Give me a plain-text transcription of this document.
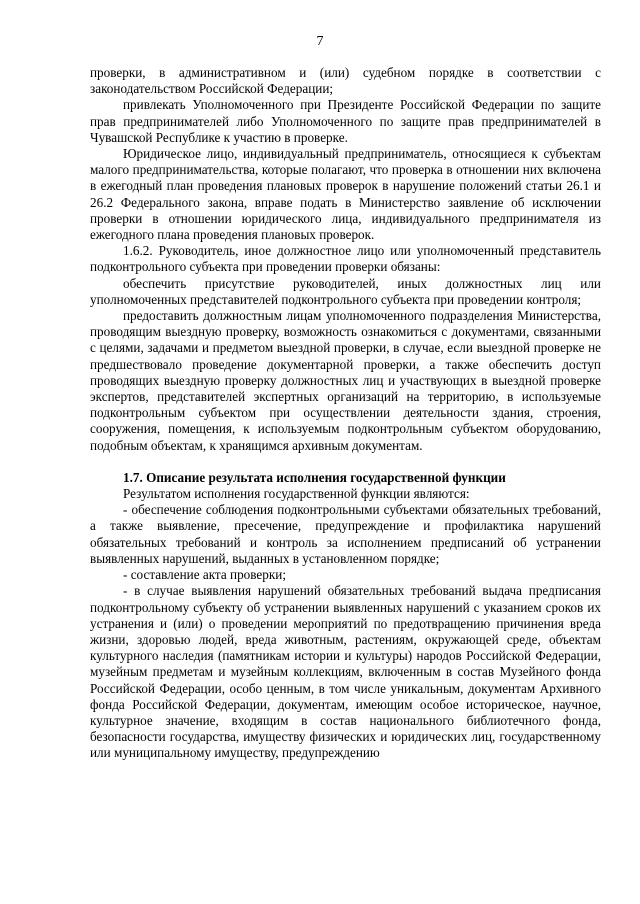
7

проверки, в административном и (или) судебном порядке в соответствии с законодательством Российской Федерации;

привлекать Уполномоченного при Президенте Российской Федерации по защите прав предпринимателей либо Уполномоченного по защите прав предпринимателей в Чувашской Республике к участию в проверке.

Юридическое лицо, индивидуальный предприниматель, относящиеся к субъектам малого предпринимательства, которые полагают, что проверка в отношении них включена в ежегодный план проведения плановых проверок в нарушение положений статьи 26.1 и 26.2 Федерального закона, вправе подать в Министерство заявление об исключении проверки в отношении юридического лица, индивидуального предпринимателя из ежегодного плана проведения плановых проверок.

1.6.2. Руководитель, иное должностное лицо или уполномоченный представитель подконтрольного субъекта при проведении проверки обязаны:

обеспечить присутствие руководителей, иных должностных лиц или уполномоченных представителей подконтрольного субъекта при проведении контроля;

предоставить должностным лицам уполномоченного подразделения Министерства, проводящим выездную проверку, возможность ознакомиться с документами, связанными с целями, задачами и предметом выездной проверки, в случае, если выездной проверке не предшествовало проведение документарной проверки, а также обеспечить доступ проводящих выездную проверку должностных лиц и участвующих в выездной проверке экспертов, представителей экспертных организаций на территорию, в используемые подконтрольным субъектом при осуществлении деятельности здания, строения, сооружения, помещения, к используемым подконтрольным субъектом оборудованию, подобным объектам, к хранящимся архивным документам.

1.7. Описание результата исполнения государственной функции

Результатом исполнения государственной функции являются:

- обеспечение соблюдения подконтрольными субъектами обязательных требований, а также выявление, пресечение, предупреждение и профилактика нарушений обязательных требований и контроль за исполнением предписаний об устранении выявленных нарушений, выданных в установленном порядке;

- составление акта проверки;

- в случае выявления нарушений обязательных требований выдача предписания подконтрольному субъекту об устранении выявленных нарушений с указанием сроков их устранения и (или) о проведении мероприятий по предотвращению причинения вреда жизни, здоровью людей, вреда животным, растениям, окружающей среде, объектам культурного наследия (памятникам истории и культуры) народов Российской Федерации, музейным предметам и музейным коллекциям, включенным в состав Музейного фонда Российской Федерации, особо ценным, в том числе уникальным, документам Архивного фонда Российской Федерации, документам, имеющим особое историческое, научное, культурное значение, входящим в состав национального библиотечного фонда, безопасности государства, имуществу физических и юридических лиц, государственному или муниципальному имуществу, предупреждению
